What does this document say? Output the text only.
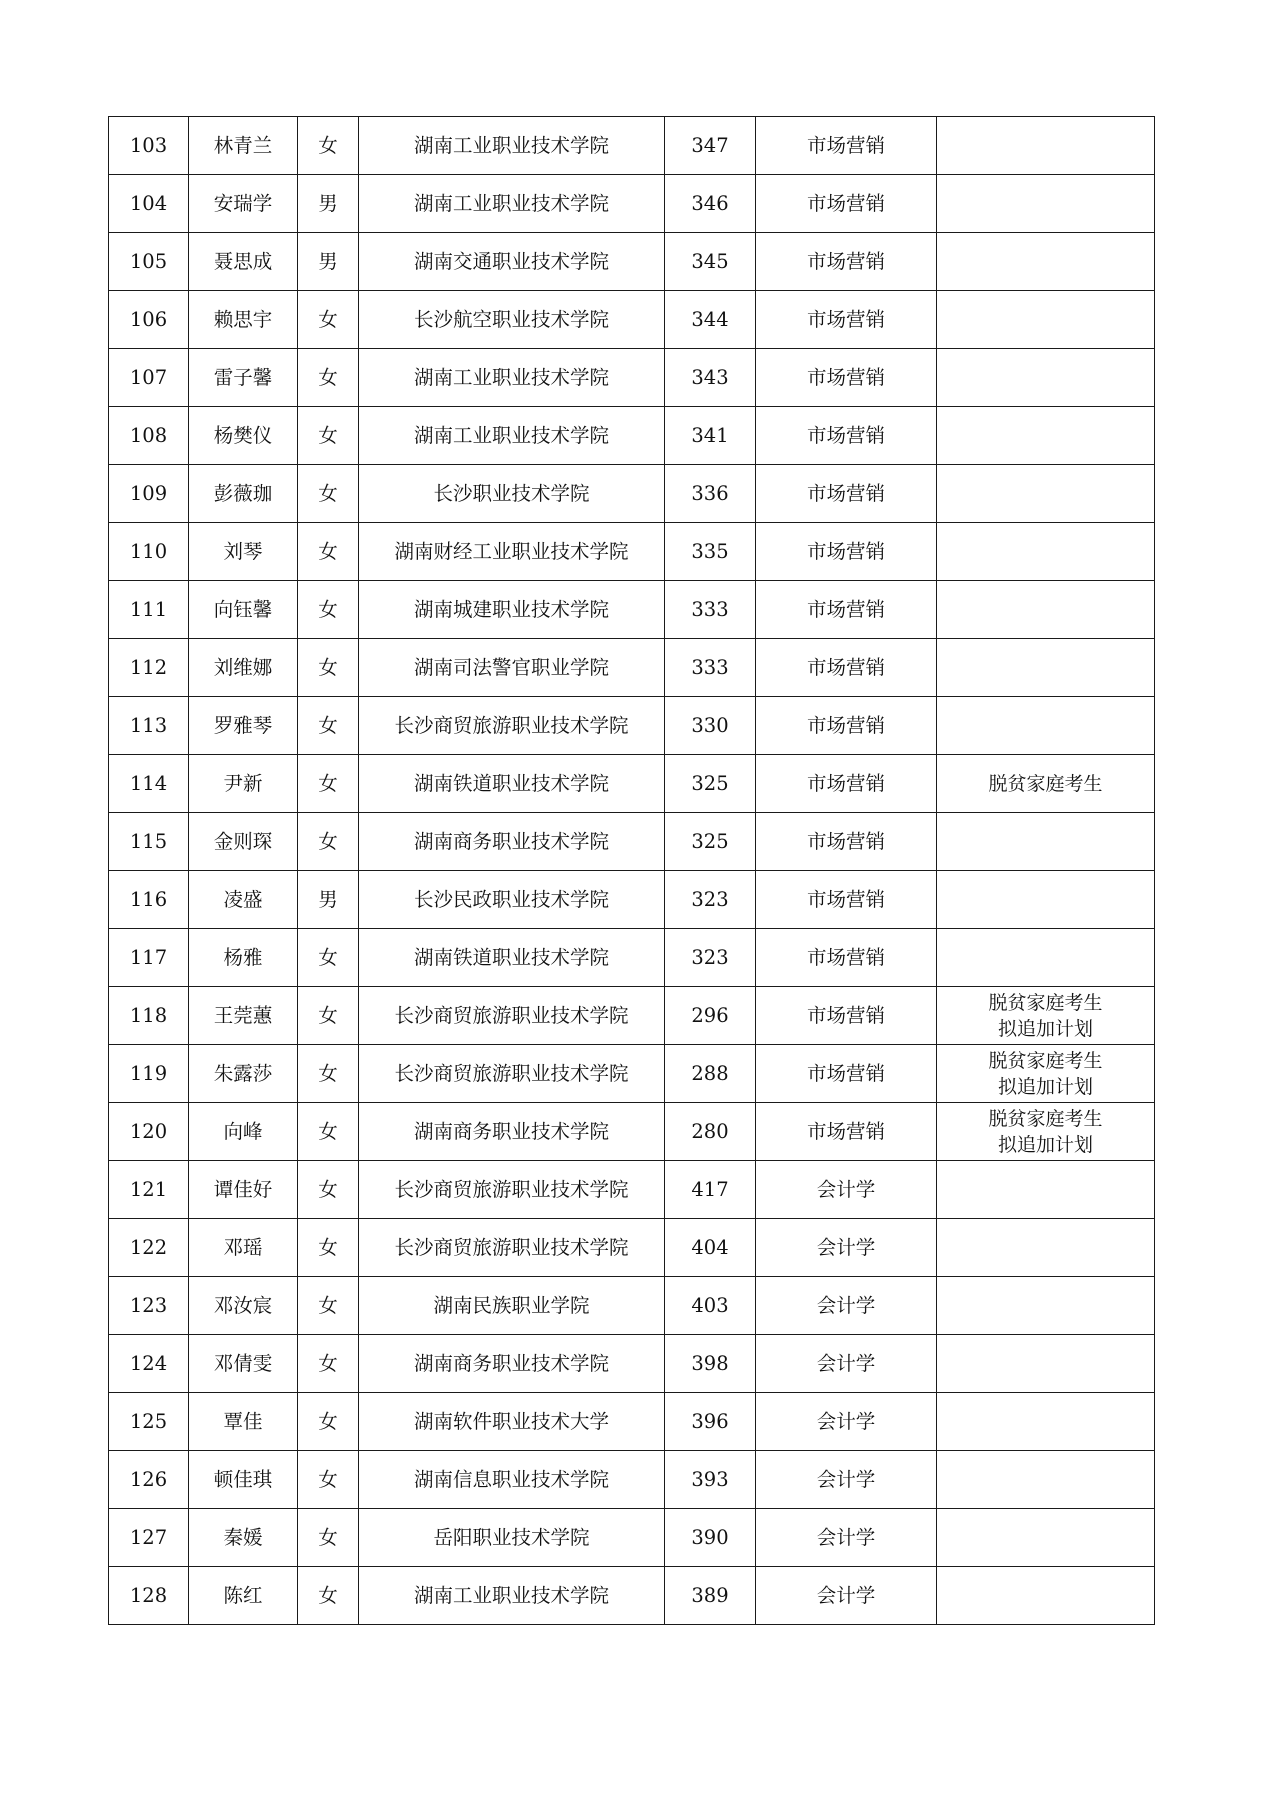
103	林青兰	女	湖南工业职业技术学院	347	市场营销	
104	安瑞学	男	湖南工业职业技术学院	346	市场营销	
105	聂思成	男	湖南交通职业技术学院	345	市场营销	
106	赖思宇	女	长沙航空职业技术学院	344	市场营销	
107	雷子馨	女	湖南工业职业技术学院	343	市场营销	
108	杨樊仪	女	湖南工业职业技术学院	341	市场营销	
109	彭薇珈	女	长沙职业技术学院	336	市场营销	
110	刘琴	女	湖南财经工业职业技术学院	335	市场营销	
111	向钰馨	女	湖南城建职业技术学院	333	市场营销	
112	刘维娜	女	湖南司法警官职业学院	333	市场营销	
113	罗雅琴	女	长沙商贸旅游职业技术学院	330	市场营销	
114	尹新	女	湖南铁道职业技术学院	325	市场营销	脱贫家庭考生

115	金则琛	女	湖南商务职业技术学院	325	市场营销	
116	凌盛	男	长沙民政职业技术学院	323	市场营销	
117	杨雅	女	湖南铁道职业技术学院	323	市场营销	
118	王莞蕙	女	长沙商贸旅游职业技术学院	296	市场营销	脱贫家庭考生
拟追加计划

119	朱露莎	女	长沙商贸旅游职业技术学院	288	市场营销	脱贫家庭考生
拟追加计划

120	向峰	女	湖南商务职业技术学院	280	市场营销	脱贫家庭考生
拟追加计划

121	谭佳好	女	长沙商贸旅游职业技术学院	417	会计学	
122	邓瑶	女	长沙商贸旅游职业技术学院	404	会计学	
123	邓汝宸	女	湖南民族职业学院	403	会计学	
124	邓倩雯	女	湖南商务职业技术学院	398	会计学	
125	覃佳	女	湖南软件职业技术大学	396	会计学	
126	顿佳琪	女	湖南信息职业技术学院	393	会计学	
127	秦媛	女	岳阳职业技术学院	390	会计学	
128	陈红	女	湖南工业职业技术学院	389	会计学	
